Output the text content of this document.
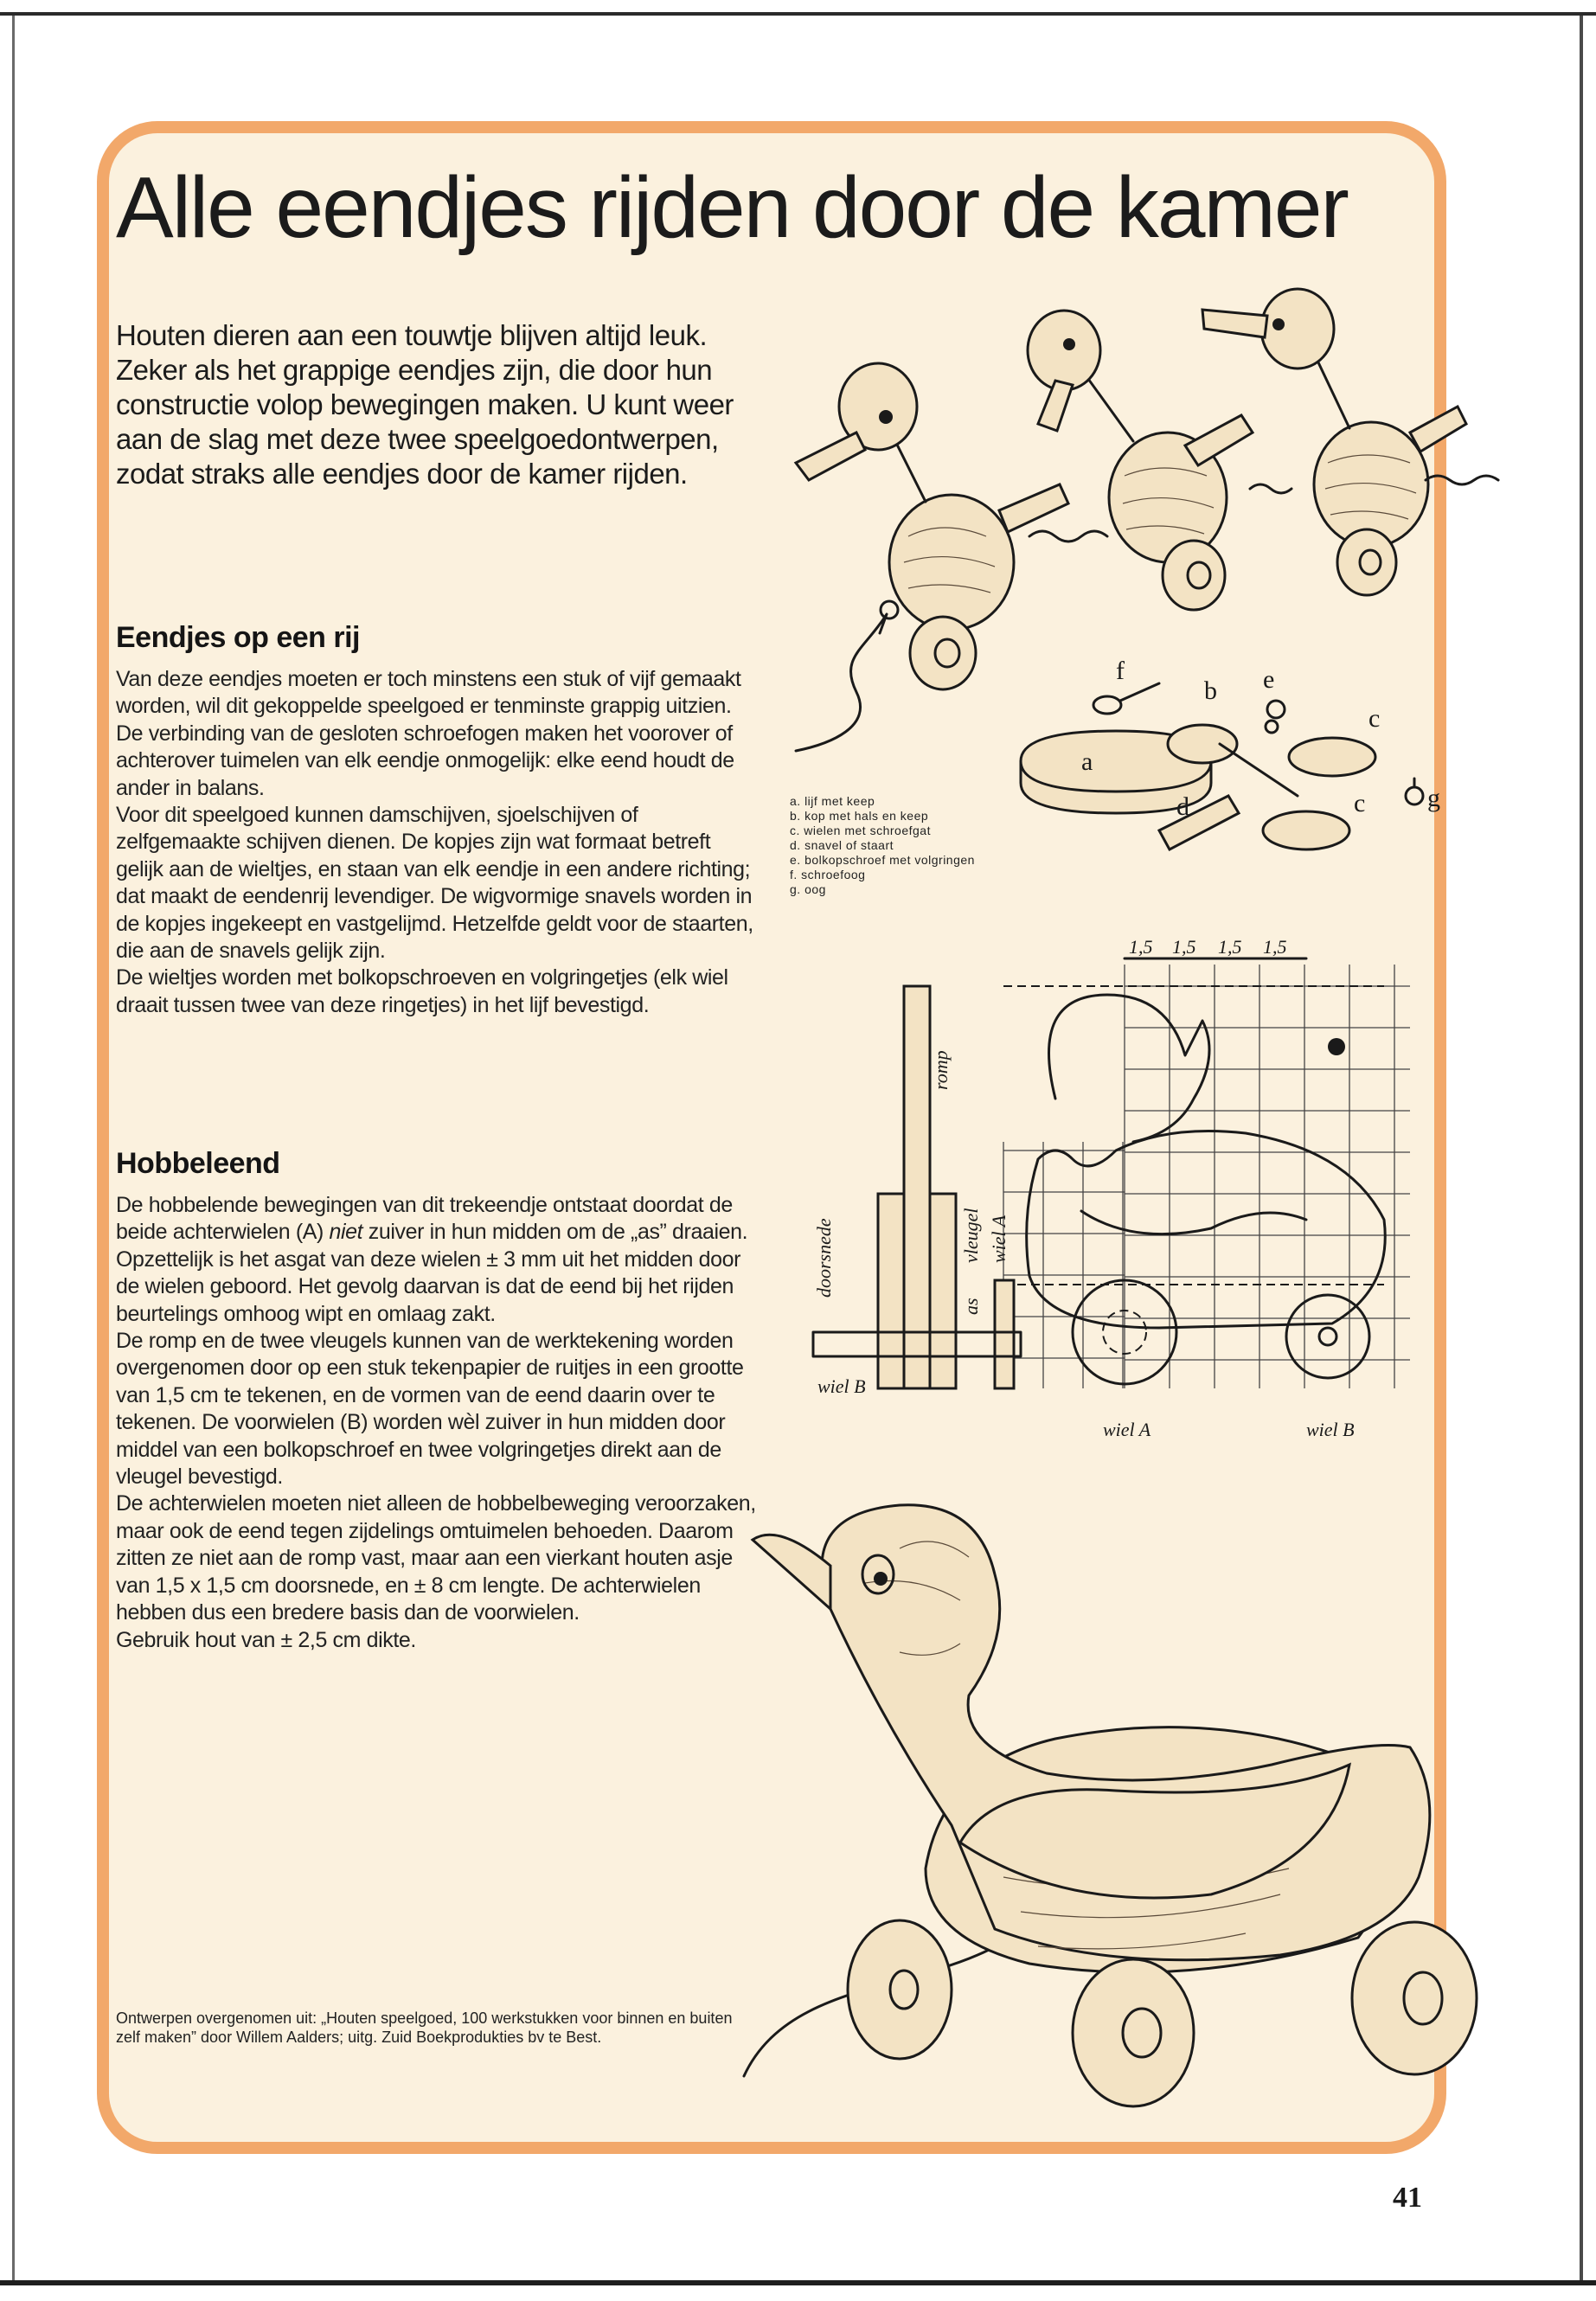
Alle eendjes rijden door de kamer

Houten dieren aan een touwtje blijven altijd leuk. Zeker als het grappige eendjes zijn, die door hun constructie volop bewegingen maken. U kunt weer aan de slag met deze twee speelgoedontwerpen, zodat straks alle eendjes door de kamer rijden.

Eendjes op een rij

Van deze eendjes moeten er toch minstens een stuk of vijf gemaakt worden, wil dit gekoppelde speelgoed er tenminste grappig uitzien. De verbinding van de gesloten schroefogen maken het voorover of achterover tuimelen van elk eendje onmogelijk: elke eend houdt de ander in balans.

Voor dit speelgoed kunnen damschijven, sjoelschijven of zelfgemaakte schijven dienen. De kopjes zijn wat formaat betreft gelijk aan de wieltjes, en staan van elk eendje in een andere richting; dat maakt de eendenrij levendiger. De wigvormige snavels worden in de kopjes ingekeept en vastgelijmd. Hetzelfde geldt voor de staarten, die aan de snavels gelijk zijn.

De wieltjes worden met bolkopschroeven en volgringetjes (elk wiel draait tussen twee van deze ringetjes) in het lijf bevestigd.

Hobbeleend

De hobbelende bewegingen van dit trekeendje ontstaat doordat de beide achterwielen (A) niet zuiver in hun midden om de „as” draaien.

Opzettelijk is het asgat van deze wielen ± 3 mm uit het midden door de wielen geboord. Het gevolg daarvan is dat de eend bij het rijden beurtelings omhoog wipt en omlaag zakt.

De romp en de twee vleugels kunnen van de werktekening worden overgenomen door op een stuk tekenpapier de ruitjes in een grootte van 1,5 cm te tekenen, en de vormen van de eend daarin over te tekenen. De voorwielen (B) worden wèl zuiver in hun midden door middel van een bolkopschroef en twee volgringetjes direkt aan de vleugel bevestigd.

De achterwielen moeten niet alleen de hobbelbeweging veroorzaken, maar ook de eend tegen zijdelings omtuimelen behoeden. Daarom zitten ze niet aan de romp vast, maar aan een vierkant houten asje van 1,5 x 1,5 cm doorsnede, en ± 8 cm lengte. De achterwielen hebben dus een bredere basis dan de voorwielen.

Gebruik hout van ± 2,5 cm dikte.

a
b
c
c
d
e
f
g
a. lijf met keep
b. kop met hals en keep
c. wielen met schroefgat
d. snavel of staart
e. bolkopschroef met volgringen
f. schroefoog
g. oog
1,5 1,5 1,5 1,5
romp
vleugel
doorsnede
as
wiel A
wiel B
wiel A	wiel B

Ontwerpen overgenomen uit: „Houten speelgoed, 100 werkstukken voor binnen en buiten zelf maken” door Willem Aalders; uitg. Zuid Boekprodukties bv te Best.

41
